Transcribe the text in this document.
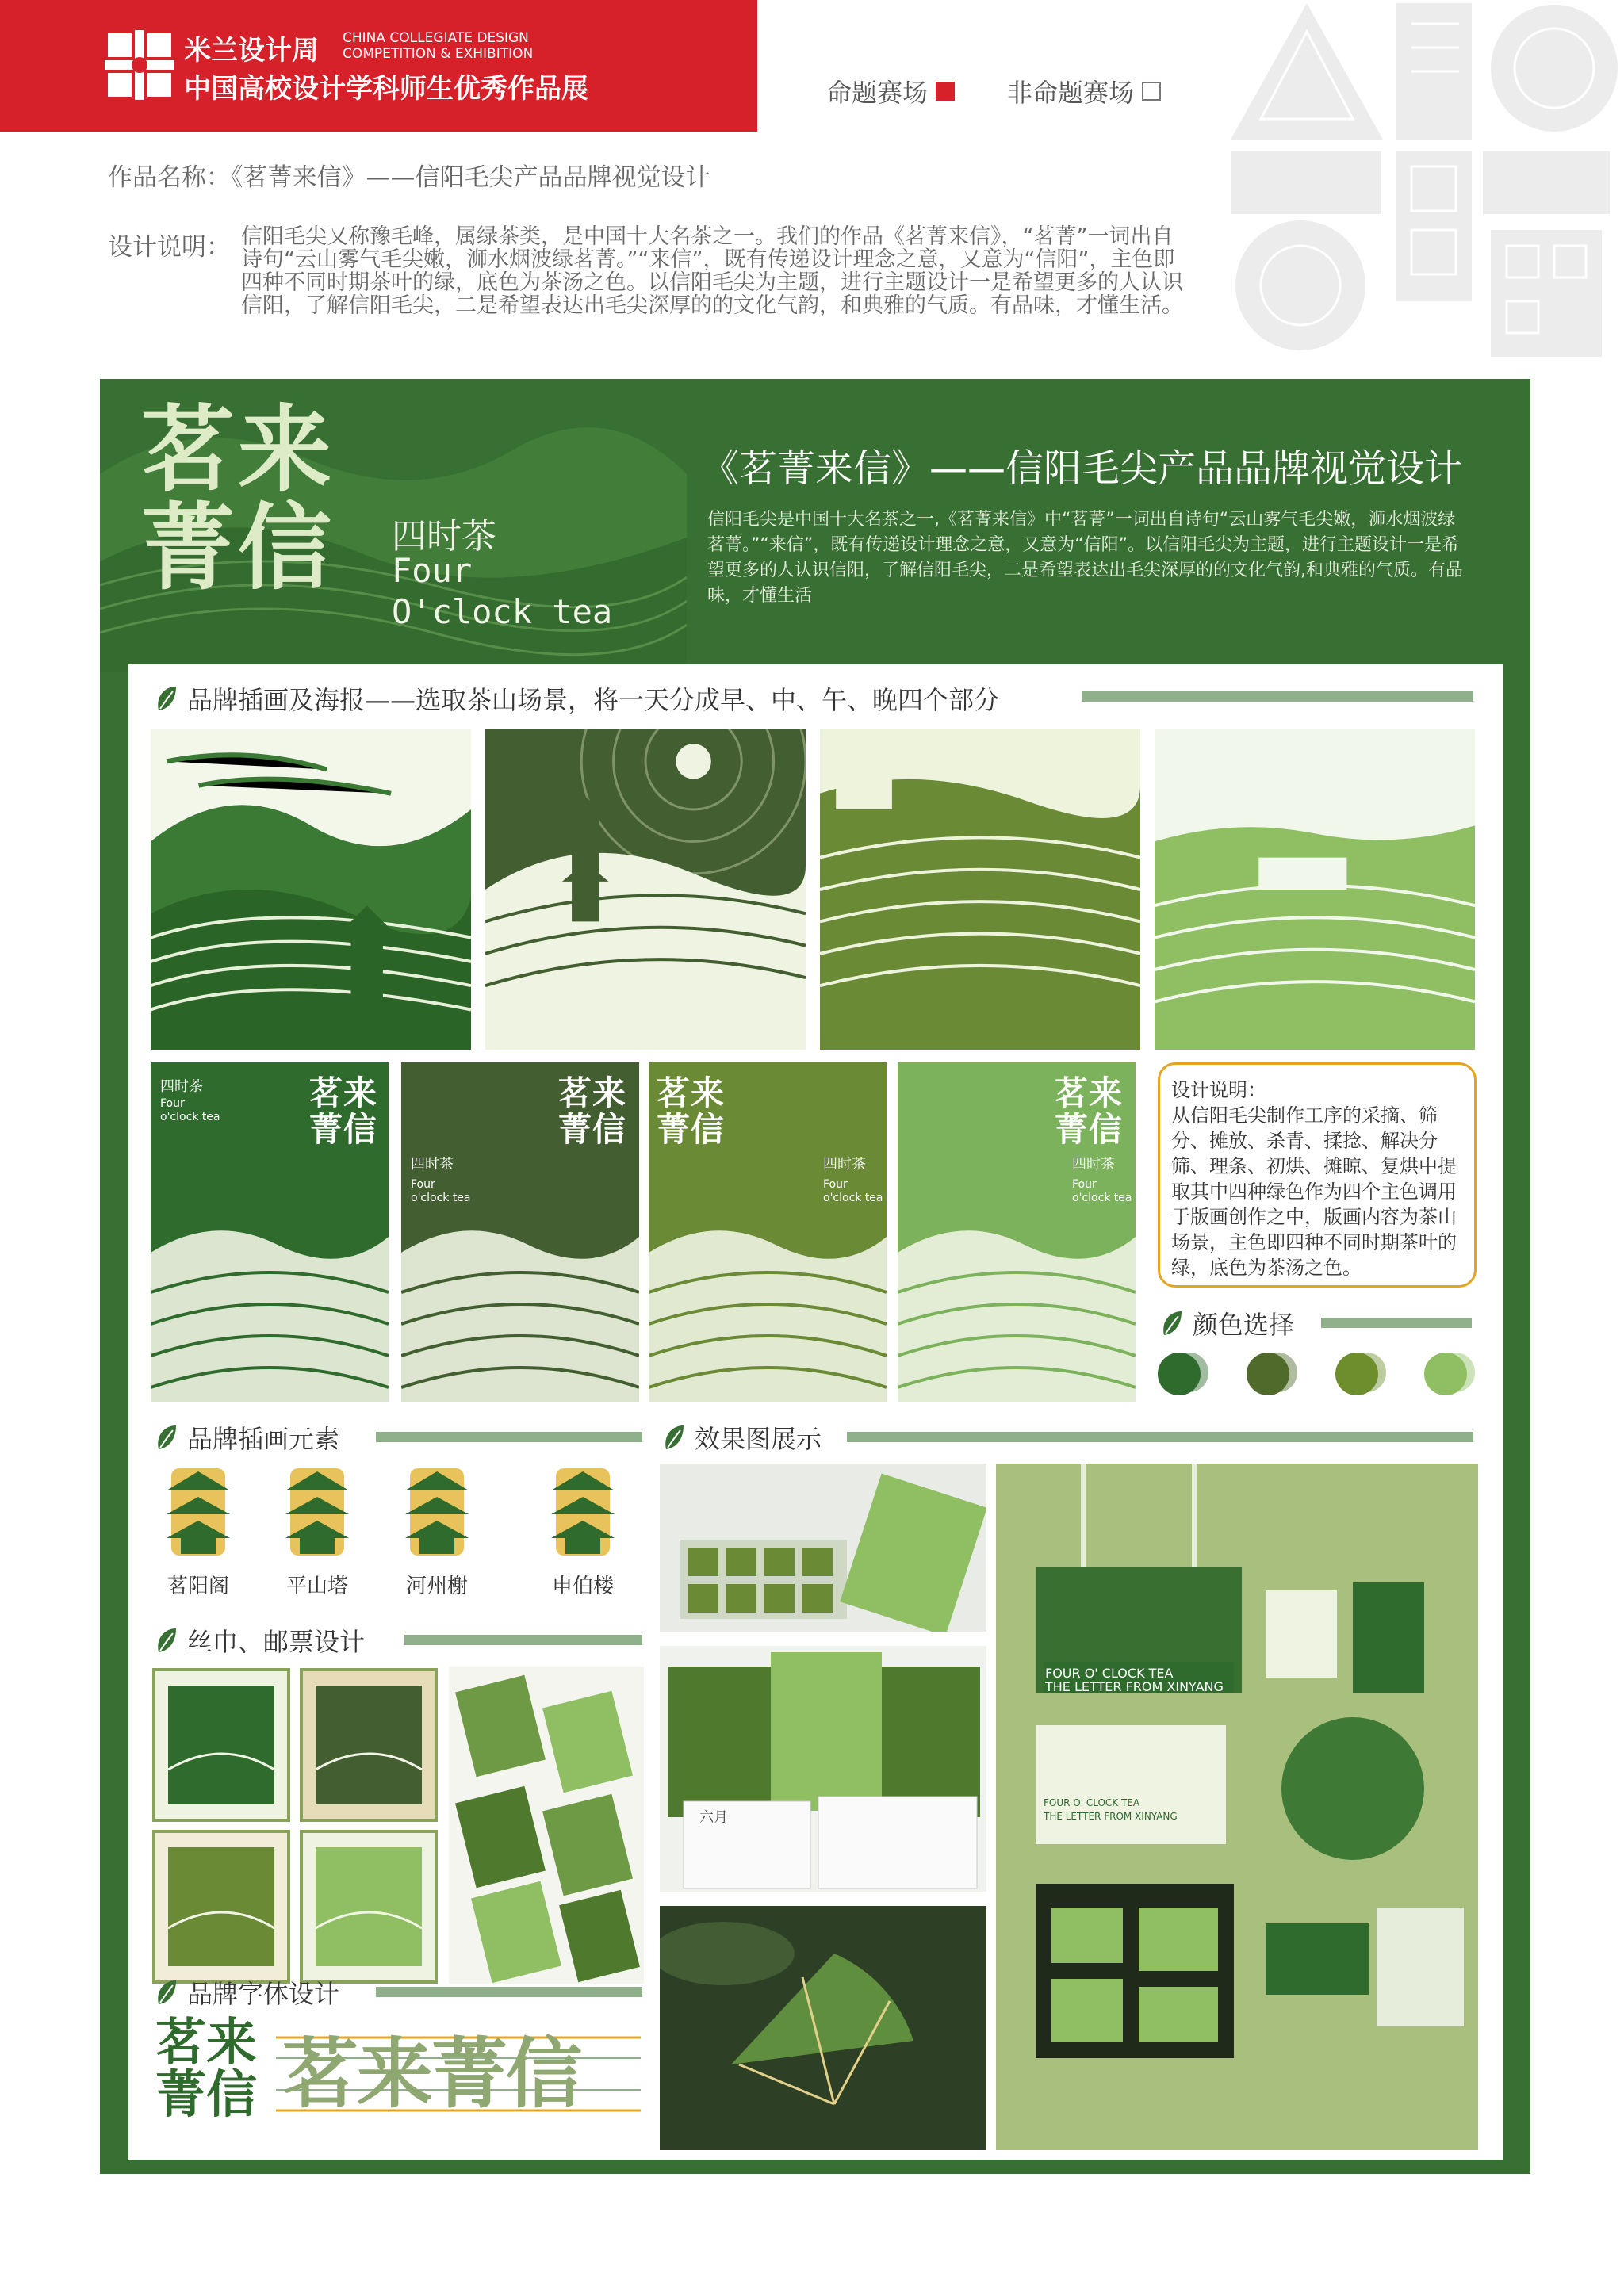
米兰设计周 CHINA COLLEGIATE DESIGN
COMPETITION & EXHIBITION
中国高校设计学科师生优秀作品展	命题赛场	非命题赛场
作品名称：《茗菁来信》——信阳毛尖产品品牌视觉设计
设计说明： 信阳毛尖又称豫毛峰，属绿茶类，是中国十大名茶之一。我们的作品《茗菁来信》，“茗菁”一词出自诗句“云山雾气毛尖嫩，浉水烟波绿茗菁。”“来信”，既有传递设计理念之意，又意为“信阳”，主色即四种不同时期茶叶的绿，底色为茶汤之色。以信阳毛尖为主题，进行主题设计一是希望更多的人认识信阳，了解信阳毛尖，二是希望表达出毛尖深厚的的文化气韵，和典雅的气质。有品味，才懂生活。
茗来菁信	四时茶
Four
O'clock tea
《茗菁来信》——信阳毛尖产品品牌视觉设计
信阳毛尖是中国十大名茶之一,《茗菁来信》中“茗菁”一词出自诗句“云山雾气毛尖嫩，浉水烟波绿茗菁。”“来信”，既有传递设计理念之意，又意为“信阳”。以信阳毛尖为主题，进行主题设计一是希望更多的人认识信阳，了解信阳毛尖，二是希望表达出毛尖深厚的的文化气韵,和典雅的气质。有品味，才懂生活
品牌插画及海报——选取茶山场景，将一天分成早、中、午、晚四个部分
茗来菁信
四时茶
Four
o'clock tea
茗来菁信
四时茶
Four
o'clock tea
茗来菁信
四时茶
Four
o'clock tea
茗来菁信
四时茶
Four
o'clock tea
设计说明：
从信阳毛尖制作工序的采摘、筛分、摊放、杀青、揉捻、解决分筛、理条、初烘、摊晾、复烘中提取其中四种绿色作为四个主色调用于版画创作之中，版画内容为茶山场景，主色即四种不同时期茶叶的绿，底色为茶汤之色。
颜色选择
品牌插画元素
茗阳阁	平山塔	河州榭	申伯楼
丝巾、邮票设计
品牌字体设计
茗来菁信 茗来菁信
效果图展示
六月
FOUR O' CLOCK TEA
THE LETTER FROM XINYANG
FOUR O' CLOCK TEA
THE LETTER FROM XINYANG
